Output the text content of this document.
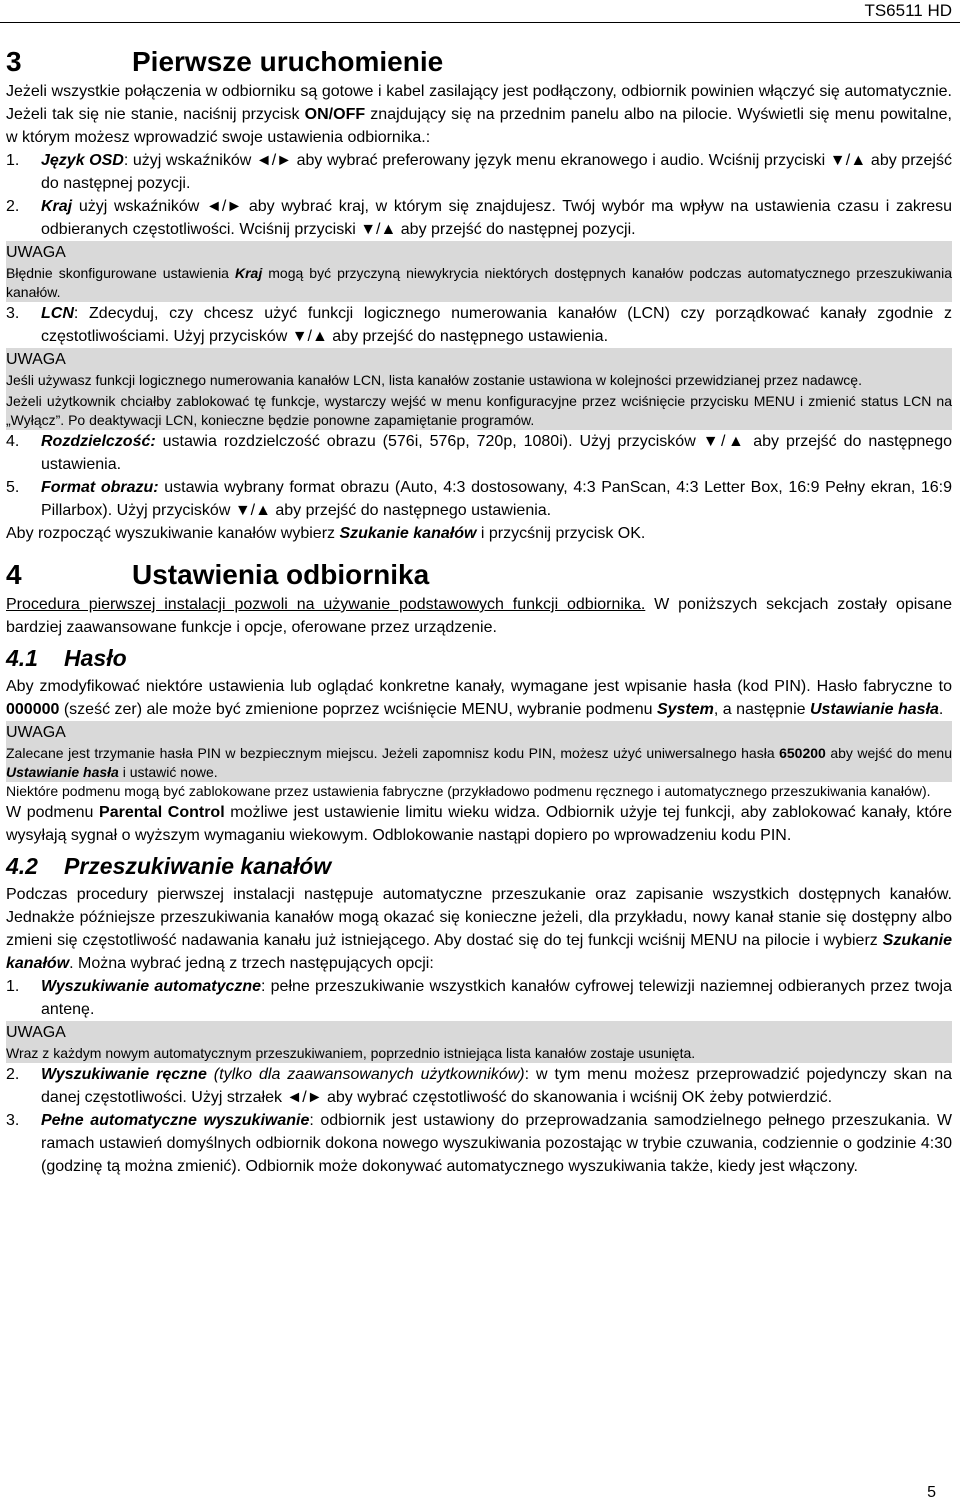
TS6511 HD
3	Pierwsze uruchomienie

Jeżeli wszystkie połączenia w odbiorniku są gotowe i kabel zasilający jest podłączony, odbiornik powinien włączyć się automatycznie. Jeżeli tak się nie stanie, naciśnij przycisk ON/OFF znajdujący się na przednim panelu albo na pilocie. Wyświetli się menu powitalne, w którym możesz wprowadzić swoje ustawienia odbiornika.:

1.	Język OSD: użyj wskaźników ◄/► aby wybrać preferowany język menu ekranowego i audio. Wciśnij przyciski ▼/▲ aby przejść do następnej pozycji.
2.	Kraj użyj wskaźników ◄/► aby wybrać kraj, w którym się znajdujesz. Twój wybór ma wpływ na ustawienia czasu i zakresu odbieranych częstotliwości. Wciśnij przyciski ▼/▲ aby przejść do następnej pozycji.
UWAGA
Błędnie skonfigurowane ustawienia Kraj mogą być przyczyną niewykrycia niektórych dostępnych kanałów podczas automatycznego przeszukiwania kanałów.
3.	LCN: Zdecyduj, czy chcesz użyć funkcji logicznego numerowania kanałów (LCN) czy porządkować kanały zgodnie z częstotliwościami. Użyj przycisków ▼/▲ aby przejść do następnego ustawienia.
UWAGA
Jeśli używasz funkcji logicznego numerowania kanałów LCN, lista kanałów zostanie ustawiona w kolejności przewidzianej przez nadawcę.
Jeżeli użytkownik chciałby zablokować tę funkcje, wystarczy wejść w menu konfiguracyjne przez wciśnięcie przycisku MENU i zmienić status LCN na „Wyłącz”. Po deaktywacji LCN, konieczne będzie ponowne zapamiętanie programów.
4.	Rozdzielczość: ustawia rozdzielczość obrazu (576i, 576p, 720p, 1080i). Użyj przycisków ▼/▲ aby przejść do następnego ustawienia.
5.	Format obrazu: ustawia wybrany format obrazu (Auto, 4:3 dostosowany, 4:3 PanScan, 4:3 Letter Box, 16:9 Pełny ekran, 16:9 Pillarbox). Użyj przycisków ▼/▲ aby przejść do następnego ustawienia.

Aby rozpocząć wyszukiwanie kanałów wybierz Szukanie kanałów i przycśnij przycisk OK.

4	Ustawienia odbiornika

Procedura pierwszej instalacji pozwoli na używanie podstawowych funkcji odbiornika. W poniższych sekcjach zostały opisane bardziej zaawansowane funkcje i opcje, oferowane przez urządzenie.

4.1	Hasło

Aby zmodyfikować niektóre ustawienia lub oglądać konkretne kanały, wymagane jest wpisanie hasła (kod PIN). Hasło fabryczne to 000000 (sześć zer) ale może być zmienione poprzez wciśnięcie MENU, wybranie podmenu System, a następnie Ustawianie hasła.

UWAGA
Zalecane jest trzymanie hasła PIN w bezpiecznym miejscu. Jeżeli zapomnisz kodu PIN, możesz użyć uniwersalnego hasła 650200 aby wejść do menu Ustawianie hasła i ustawić nowe.
Niektóre podmenu mogą być zablokowane przez ustawienia fabryczne (przykładowo podmenu ręcznego i automatycznego przeszukiwania kanałów).

W podmenu Parental Control możliwe jest ustawienie limitu wieku widza. Odbiornik użyje tej funkcji, aby zablokować kanały, które wysyłają sygnał o wyższym wymaganiu wiekowym. Odblokowanie nastąpi dopiero po wprowadzeniu kodu PIN.

4.2	Przeszukiwanie kanałów

Podczas procedury pierwszej instalacji następuje automatyczne przeszukanie oraz zapisanie wszystkich dostępnych kanałów. Jednakże późniejsze przeszukiwania kanałów mogą okazać się konieczne jeżeli, dla przykładu, nowy kanał stanie się dostępny albo zmieni się częstotliwość nadawania kanału już istniejącego. Aby dostać się do tej funkcji wciśnij MENU na pilocie i wybierz Szukanie kanałów. Można wybrać jedną z trzech następujących opcji:

1.	Wyszukiwanie automatyczne: pełne przeszukiwanie wszystkich kanałów cyfrowej telewizji naziemnej odbieranych przez twoja antenę.
UWAGA
Wraz z każdym nowym automatycznym przeszukiwaniem, poprzednio istniejąca lista kanałów zostaje usunięta.
2.	Wyszukiwanie ręczne (tylko dla zaawansowanych użytkowników): w tym menu możesz przeprowadzić pojedynczy skan na danej częstotliwości. Użyj strzałek ◄/► aby wybrać częstotliwość do skanowania i wciśnij OK żeby potwierdzić.
3.	Pełne automatyczne wyszukiwanie: odbiornik jest ustawiony do przeprowadzania samodzielnego pełnego przeszukania. W ramach ustawień domyślnych odbiornik dokona nowego wyszukiwania pozostając w trybie czuwania, codziennie o godzinie 4:30 (godzinę tą można zmienić). Odbiornik może dokonywać automatycznego wyszukiwania także, kiedy jest włączony.
5
